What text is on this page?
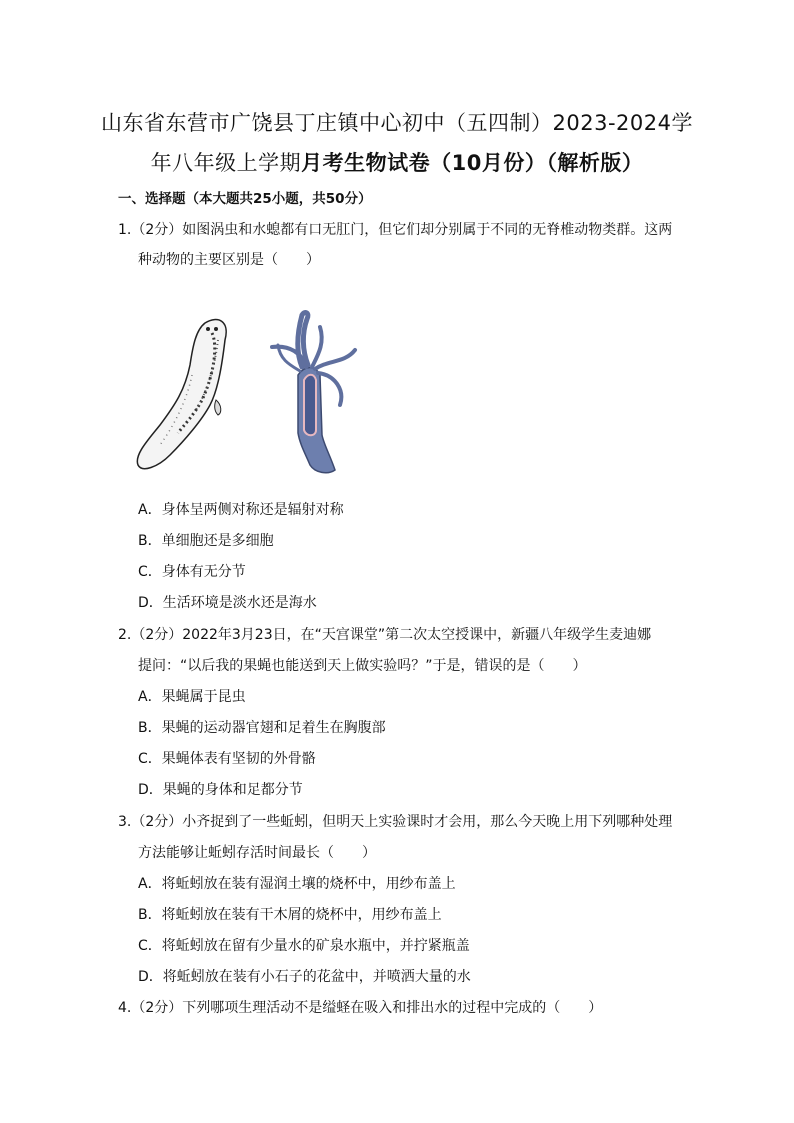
山东省东营市广饶县丁庄镇中心初中（五四制）2023-2024学
年八年级上学期月考生物试卷（10月份）（解析版）
一、选择题（本大题共25小题，共50分）
1.（2分）如图涡虫和水螅都有口无肛门，但它们却分别属于不同的无脊椎动物类群。这两
种动物的主要区别是（　　）
A．身体呈两侧对称还是辐射对称
B．单细胞还是多细胞
C．身体有无分节
D．生活环境是淡水还是海水
2.（2分）2022年3月23日，在“天宫课堂”第二次太空授课中，新疆八年级学生麦迪娜
提问：“以后我的果蝇也能送到天上做实验吗？”于是，错误的是（　　）
A．果蝇属于昆虫
B．果蝇的运动器官翅和足着生在胸腹部
C．果蝇体表有坚韧的外骨骼
D．果蝇的身体和足都分节
3.（2分）小齐捉到了一些蚯蚓，但明天上实验课时才会用，那么今天晚上用下列哪种处理
方法能够让蚯蚓存活时间最长（　　）
A．将蚯蚓放在装有湿润土壤的烧杯中，用纱布盖上
B．将蚯蚓放在装有干木屑的烧杯中，用纱布盖上
C．将蚯蚓放在留有少量水的矿泉水瓶中，并拧紧瓶盖
D．将蚯蚓放在装有小石子的花盆中，并喷洒大量的水
4.（2分）下列哪项生理活动不是缢蛏在吸入和排出水的过程中完成的（　　）
